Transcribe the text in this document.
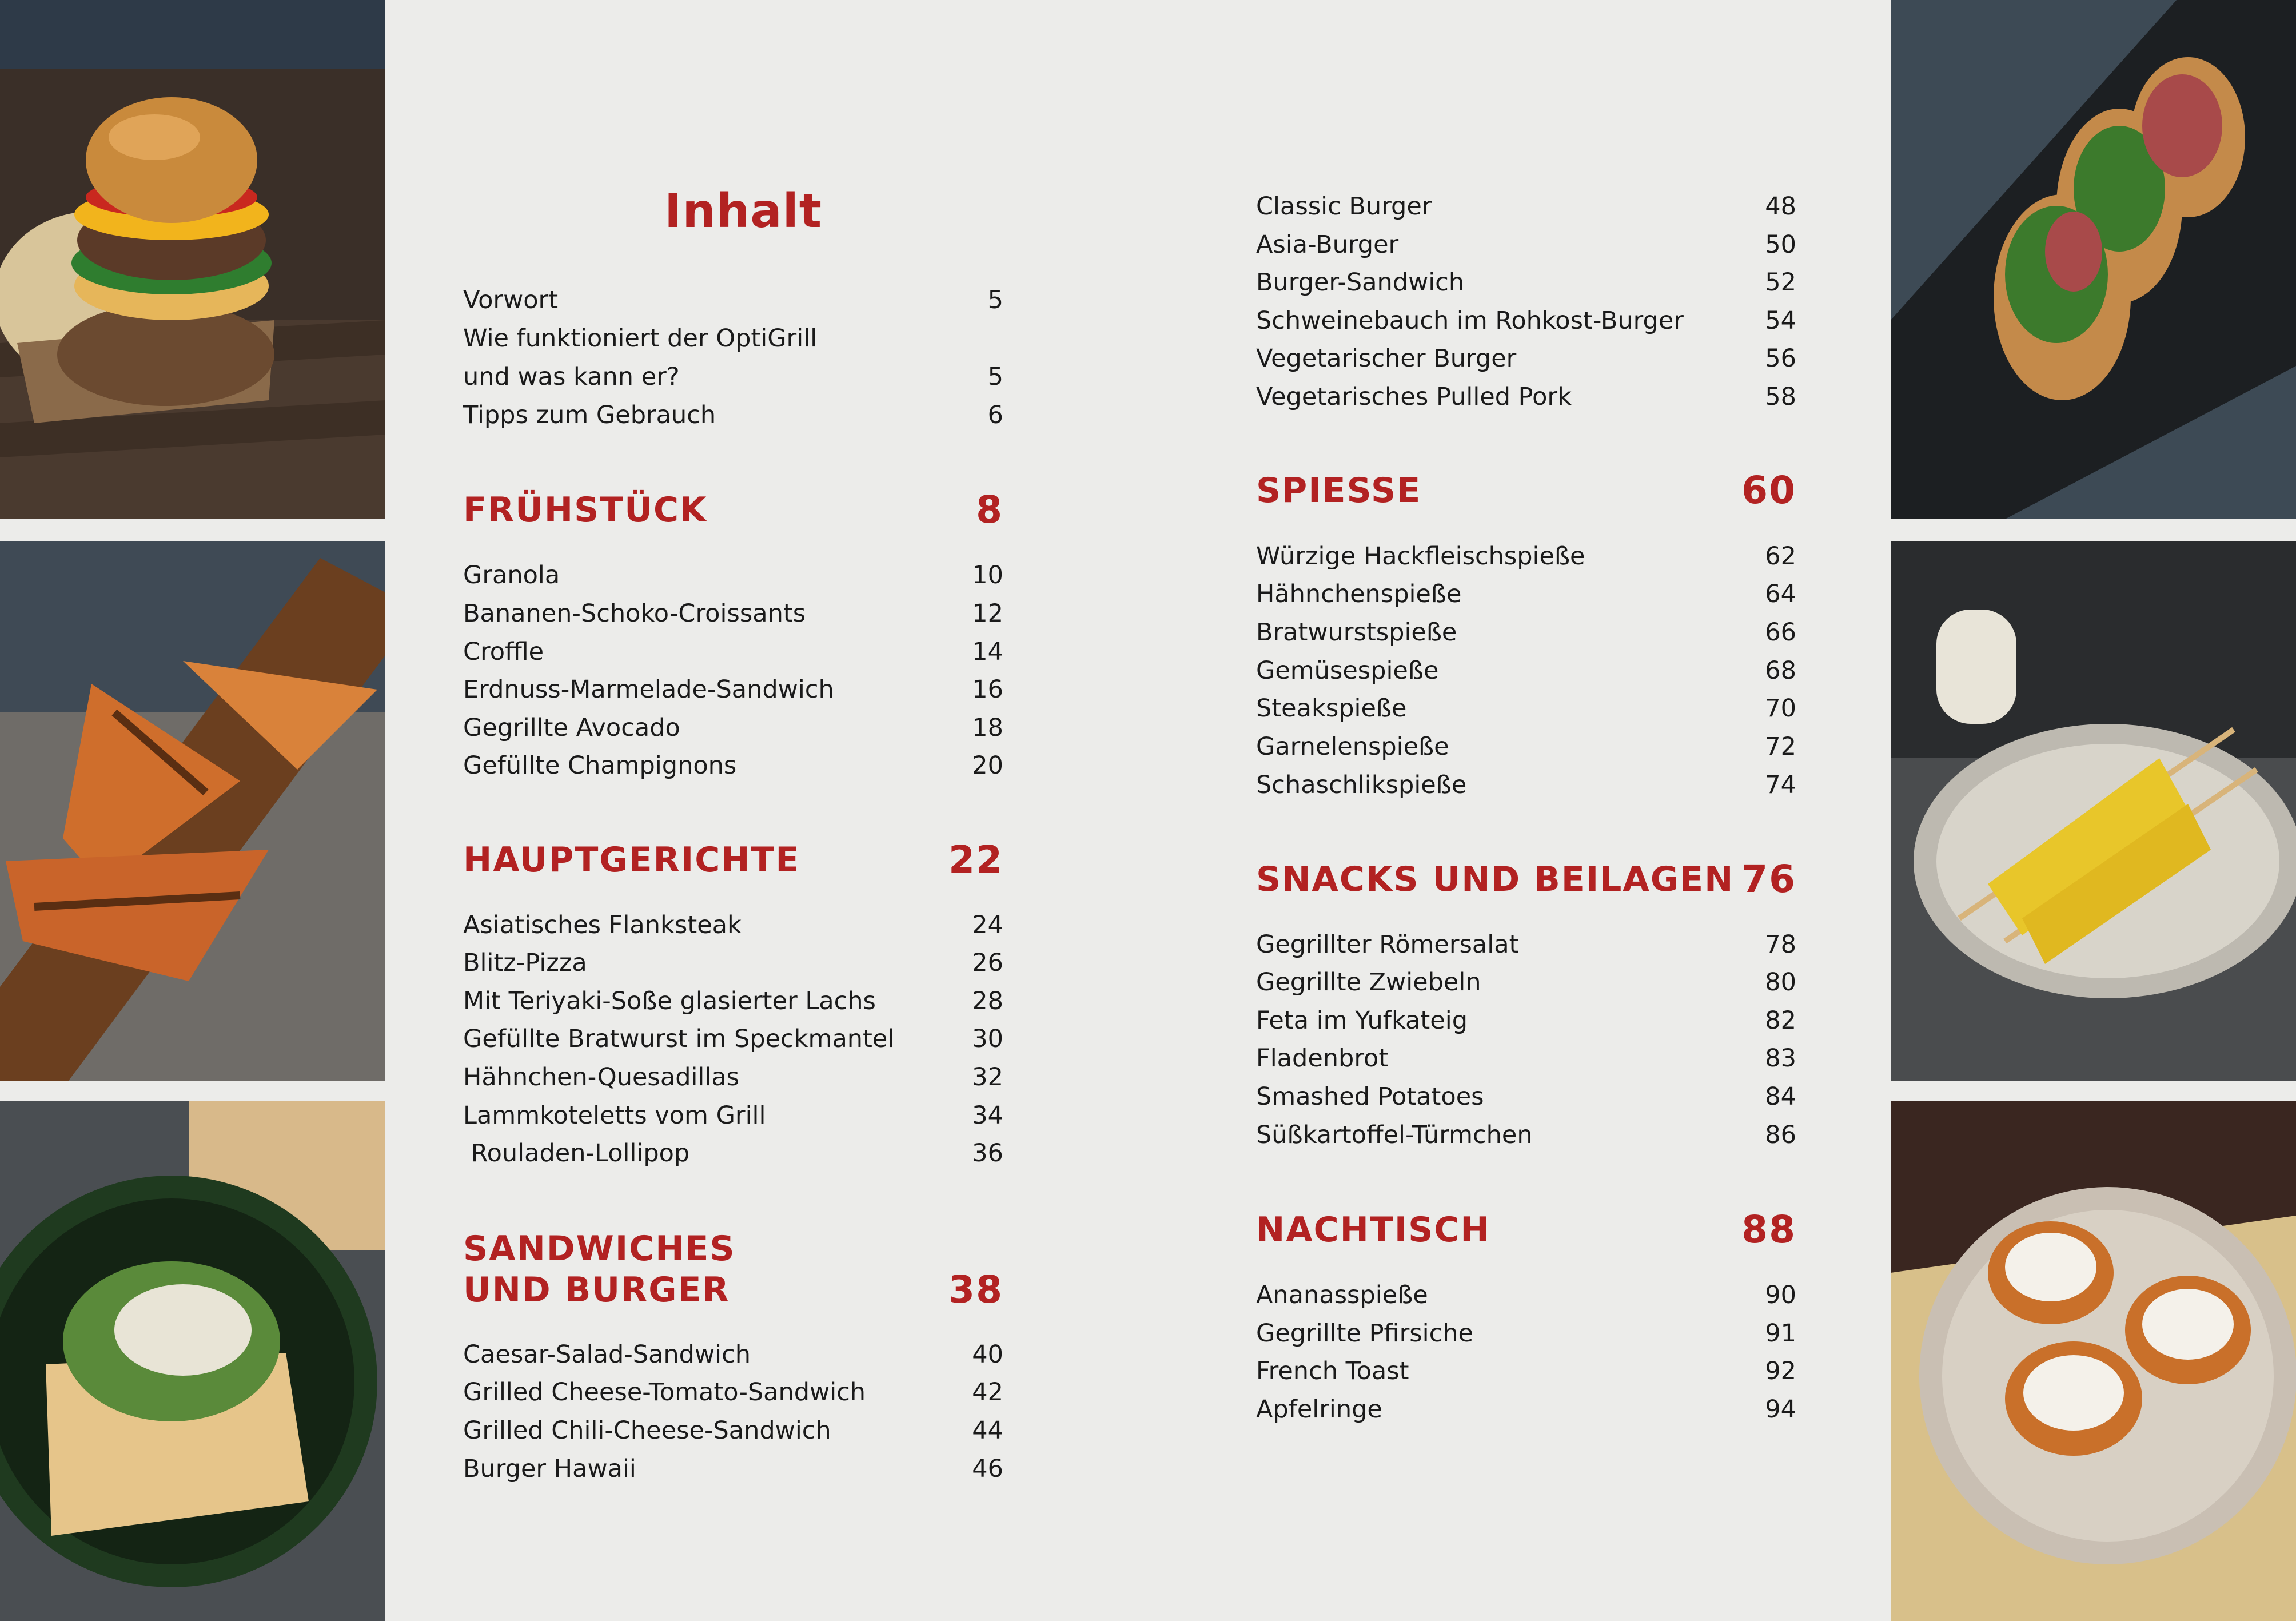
Inhalt
Vorwort	5
Wie funktioniert der OptiGrill
und was kann er?	5
Tipps zum Gebrauch	6
FRÜHSTÜCK	8
Granola	10
Bananen-Schoko-Croissants	12
Croffle	14
Erdnuss-Marmelade-Sandwich	16
Gegrillte Avocado	18
Gefüllte Champignons	20
HAUPTGERICHTE	22
Asiatisches Flanksteak	24
Blitz-Pizza	26
Mit Teriyaki-Soße glasierter Lachs	28
Gefüllte Bratwurst im Speckmantel	30
Hähnchen-Quesadillas	32
Lammkoteletts vom Grill	34
Rouladen-Lollipop	36
SANDWICHES
UND BURGER	38
Caesar-Salad-Sandwich	40
Grilled Cheese-Tomato-Sandwich	42
Grilled Chili-Cheese-Sandwich	44
Burger Hawaii	46
Classic Burger	48
Asia-Burger	50
Burger-Sandwich	52
Schweinebauch im Rohkost-Burger	54
Vegetarischer Burger	56
Vegetarisches Pulled Pork	58
SPIESSE	60
Würzige Hackfleischspieße	62
Hähnchenspieße	64
Bratwurstspieße	66
Gemüsespieße	68
Steakspieße	70
Garnelenspieße	72
Schaschlikspieße	74
SNACKS UND BEILAGEN 76
Gegrillter Römersalat	78
Gegrillte Zwiebeln	80
Feta im Yufkateig	82
Fladenbrot	83
Smashed Potatoes	84
Süßkartoffel-Türmchen	86
NACHTISCH	88
Ananasspieße	90
Gegrillte Pfirsiche	91
French Toast	92
Apfelringe	94
